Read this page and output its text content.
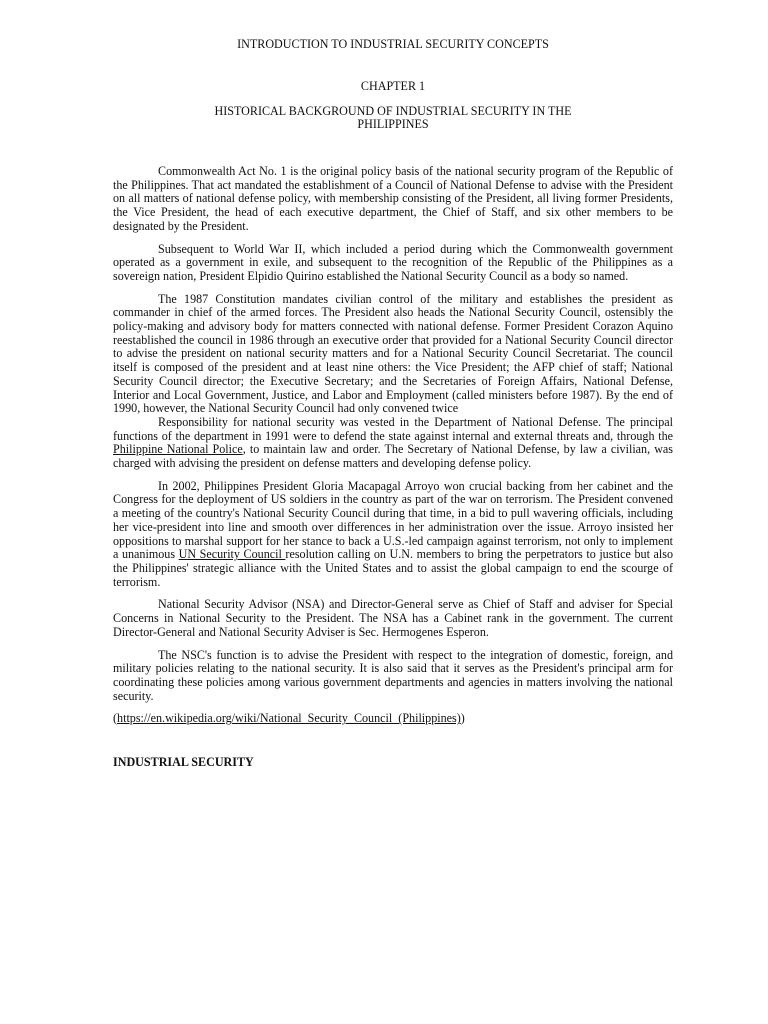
INTRODUCTION TO INDUSTRIAL SECURITY CONCEPTS
CHAPTER 1
HISTORICAL BACKGROUND OF INDUSTRIAL SECURITY IN THE
PHILIPPINES

Commonwealth Act No. 1 is the original policy basis of the national security program of the Republic of the Philippines. That act mandated the establishment of a Council of National Defense to advise with the President on all matters of national defense policy, with membership consisting of the President, all living former Presidents, the Vice President, the head of each executive department, the Chief of Staff, and six other members to be designated by the President.

Subsequent to World War II, which included a period during which the Commonwealth government operated as a government in exile, and subsequent to the recognition of the Republic of the Philippines as a sovereign nation, President Elpidio Quirino established the National Security Council as a body so named.

The 1987 Constitution mandates civilian control of the military and establishes the president as commander in chief of the armed forces. The President also heads the National Security Council, ostensibly the policy-making and advisory body for matters connected with national defense. Former President Corazon Aquino reestablished the council in 1986 through an executive order that provided for a National Security Council director to advise the president on national security matters and for a National Security Council Secretariat. The council itself is composed of the president and at least nine others: the Vice President; the AFP chief of staff; National Security Council director; the Executive Secretary; and the Secretaries of Foreign Affairs, National Defense, Interior and Local Government, Justice, and Labor and Employment (called ministers before 1987). By the end of 1990, however, the National Security Council had only convened twice

Responsibility for national security was vested in the Department of National Defense. The principal functions of the department in 1991 were to defend the state against internal and external threats and, through the Philippine National Police, to maintain law and order. The Secretary of National Defense, by law a civilian, was charged with advising the president on defense matters and developing defense policy.

In 2002, Philippines President Gloria Macapagal Arroyo won crucial backing from her cabinet and the Congress for the deployment of US soldiers in the country as part of the war on terrorism. The President convened a meeting of the country's National Security Council during that time, in a bid to pull wavering officials, including her vice-president into line and smooth over differences in her administration over the issue. Arroyo insisted her oppositions to marshal support for her stance to back a U.S.-led campaign against terrorism, not only to implement a unanimous UN Security Council resolution calling on U.N. members to bring the perpetrators to justice but also the Philippines' strategic alliance with the United States and to assist the global campaign to end the scourge of terrorism.

National Security Advisor (NSA) and Director-General serve as Chief of Staff and adviser for Special Concerns in National Security to the President. The NSA has a Cabinet rank in the government. The current Director-General and National Security Adviser is Sec. Hermogenes Esperon.

The NSC's function is to advise the President with respect to the integration of domestic, foreign, and military policies relating to the national security. It is also said that it serves as the President's principal arm for coordinating these policies among various government departments and agencies in matters involving the national security.

(https://en.wikipedia.org/wiki/National_Security_Council_(Philippines))
INDUSTRIAL SECURITY
